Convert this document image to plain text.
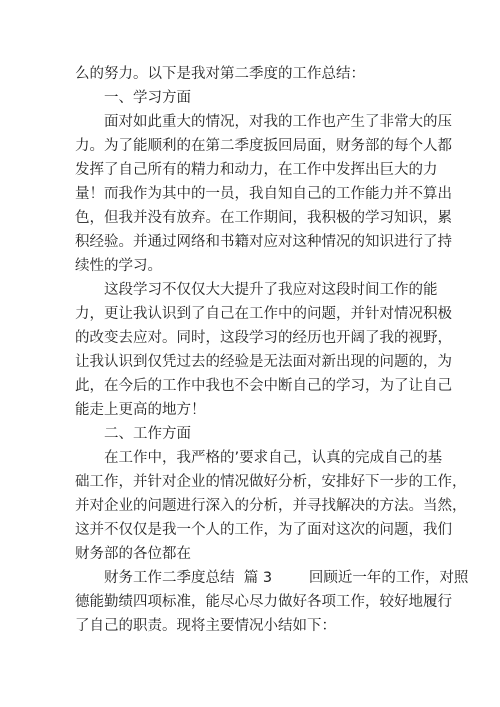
么的努力。以下是我对第二季度的工作总结：
一、学习方面
面对如此重大的情况，对我的工作也产生了非常大的压
力。为了能顺利的在第二季度扳回局面，财务部的每个人都
发挥了自己所有的精力和动力，在工作中发挥出巨大的力
量！而我作为其中的一员，我自知自己的工作能力并不算出
色，但我并没有放弃。在工作期间，我积极的学习知识，累
积经验。并通过网络和书籍对应对这种情况的知识进行了持
续性的学习。
这段学习不仅仅大大提升了我应对这段时间工作的能
力，更让我认识到了自己在工作中的问题，并针对情况积极
的改变去应对。同时，这段学习的经历也开阔了我的视野，
让我认识到仅凭过去的经验是无法面对新出现的问题的，为
此，在今后的工作中我也不会中断自己的学习，为了让自己
能走上更高的地方！
二、工作方面
在工作中，我严格的’要求自己，认真的完成自己的基
础工作，并针对企业的情况做好分析，安排好下一步的工作，
并对企业的问题进行深入的分析，并寻找解决的方法。当然，
这并不仅仅是我一个人的工作，为了面对这次的问题，我们
财务部的各位都在
财务工作二季度总结  篇 3        回顾近一年的工作，对照
德能勤绩四项标准，能尽心尽力做好各项工作，较好地履行
了自己的职责。现将主要情况小结如下：
